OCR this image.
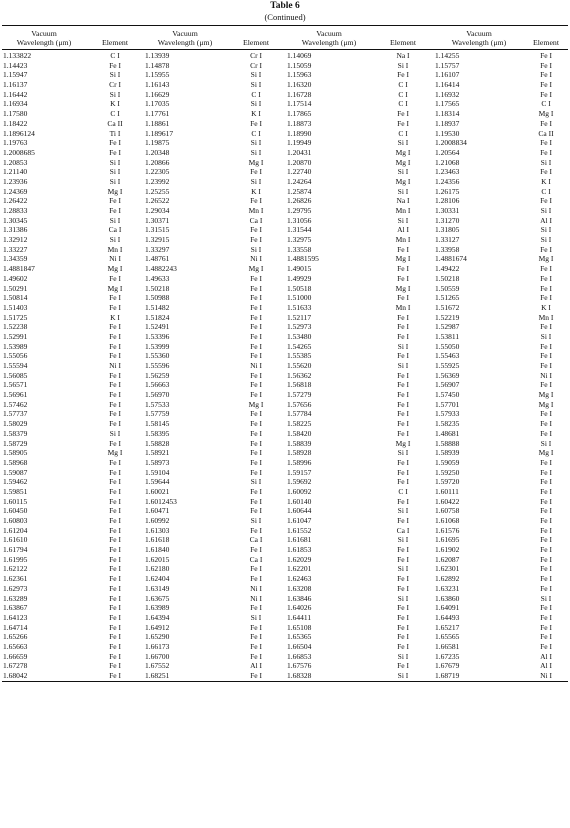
Table 6
(Continued)
Vacuum
Wavelength (μm)	Element	Vacuum
Wavelength (μm)	Element	Vacuum
Wavelength (μm)	Element	Vacuum
Wavelength (μm)	Element
1.133822	C I	1.13939	Cr I	1.14069	Na I	1.14255	Fe I
1.14423	Fe I	1.14878	Cr I	1.15059	Si I	1.15757	Fe I
1.15947	Si I	1.15955	Si I	1.15963	Fe I	1.16107	Fe I
1.16137	Cr I	1.16143	Si I	1.16320	C I	1.16414	Fe I
1.16442	Si I	1.16629	C I	1.16728	C I	1.16932	Fe I
1.16934	K I	1.17035	Si I	1.17514	C I	1.17565	C I
1.17580	C I	1.17761	K I	1.17865	Fe I	1.18314	Mg I
1.18422	Ca II	1.18861	Fe I	1.18873	Fe I	1.18937	Fe I
1.1896124	Ti I	1.189617	C I	1.18990	C I	1.19530	Ca II
1.19763	Fe I	1.19875	Si I	1.19949	Si I	1.2008834	Fe I
1.2008685	Fe I	1.20348	Si I	1.20431	Mg I	1.20564	Fe I
1.20853	Si I	1.20866	Mg I	1.20870	Mg I	1.21068	Si I
1.21140	Si I	1.22305	Fe I	1.22740	Si I	1.23463	Fe I
1.23936	Si I	1.23992	Si I	1.24264	Mg I	1.24356	K I
1.24369	Mg I	1.25255	K I	1.25874	Si I	1.26175	C I
1.26422	Fe I	1.26522	Fe I	1.26826	Na I	1.28106	Fe I
1.28833	Fe I	1.29034	Mn I	1.29795	Mn I	1.30331	Si I
1.30345	Si I	1.30371	Ca I	1.31056	Si I	1.31270	Al I
1.31386	Ca I	1.31515	Fe I	1.31544	Al I	1.31805	Si I
1.32912	Si I	1.32915	Fe I	1.32975	Mn I	1.33127	Si I
1.33227	Mn I	1.33297	Si I	1.33558	Fe I	1.33958	Fe I
1.34359	Ni I	1.48761	Ni I	1.4881595	Mg I	1.4881674	Mg I
1.4881847	Mg I	1.4882243	Mg I	1.49015	Fe I	1.49422	Fe I
1.49602	Fe I	1.49633	Fe I	1.49929	Fe I	1.50218	Fe I
1.50291	Mg I	1.50218	Fe I	1.50518	Mg I	1.50559	Fe I
1.50814	Fe I	1.50988	Fe I	1.51000	Fe I	1.51265	Fe I
1.51403	Fe I	1.51482	Fe I	1.51633	Mn I	1.51672	K I
1.51725	K I	1.51824	Fe I	1.52117	Fe I	1.52219	Mn I
1.52238	Fe I	1.52491	Fe I	1.52973	Fe I	1.52987	Fe I
1.52991	Fe I	1.53396	Fe I	1.53480	Fe I	1.53811	Si I
1.53989	Fe I	1.53999	Fe I	1.54265	Si I	1.55050	Fe I
1.55056	Fe I	1.55360	Fe I	1.55385	Fe I	1.55463	Fe I
1.55594	Ni I	1.55596	Ni I	1.55620	Si I	1.55925	Fe I
1.56085	Fe I	1.56259	Fe I	1.56362	Fe I	1.56369	Ni I
1.56571	Fe I	1.56663	Fe I	1.56818	Fe I	1.56907	Fe I
1.56961	Fe I	1.56970	Fe I	1.57279	Fe I	1.57450	Mg I
1.57462	Fe I	1.57533	Mg I	1.57656	Fe I	1.57701	Mg I
1.57737	Fe I	1.57759	Fe I	1.57784	Fe I	1.57933	Fe I
1.58029	Fe I	1.58145	Fe I	1.58225	Fe I	1.58235	Fe I
1.58379	Si I	1.58395	Fe I	1.58420	Fe I	1.48681	Fe I
1.58729	Fe I	1.58828	Fe I	1.58839	Mg I	1.58888	Si I
1.58905	Mg I	1.58921	Fe I	1.58928	Si I	1.58939	Mg I
1.58968	Fe I	1.58973	Fe I	1.58996	Fe I	1.59059	Fe I
1.59087	Fe I	1.59104	Fe I	1.59157	Fe I	1.59250	Fe I
1.59462	Fe I	1.59644	Si I	1.59692	Fe I	1.59720	Fe I
1.59851	Fe I	1.60021	Fe I	1.60092	C I	1.60111	Fe I
1.60115	Fe I	1.6012453	Fe I	1.60140	Fe I	1.60422	Fe I
1.60450	Fe I	1.60471	Fe I	1.60644	Si I	1.60758	Fe I
1.60803	Fe I	1.60992	Si I	1.61047	Fe I	1.61068	Fe I
1.61204	Fe I	1.61303	Fe I	1.61552	Ca I	1.61576	Fe I
1.61610	Fe I	1.61618	Ca I	1.61681	Si I	1.61695	Fe I
1.61794	Fe I	1.61840	Fe I	1.61853	Fe I	1.61902	Fe I
1.61995	Fe I	1.62015	Ca I	1.62029	Fe I	1.62087	Fe I
1.62122	Fe I	1.62180	Fe I	1.62201	Si I	1.62301	Fe I
1.62361	Fe I	1.62404	Fe I	1.62463	Fe I	1.62892	Fe I
1.62973	Fe I	1.63149	Ni I	1.63208	Fe I	1.63231	Fe I
1.63289	Fe I	1.63675	Ni I	1.63846	Si I	1.63860	Si I
1.63867	Fe I	1.63989	Fe I	1.64026	Fe I	1.64091	Fe I
1.64123	Fe I	1.64394	Si I	1.64411	Fe I	1.64493	Fe I
1.64714	Fe I	1.64912	Fe I	1.65108	Fe I	1.65217	Fe I
1.65266	Fe I	1.65290	Fe I	1.65365	Fe I	1.65565	Fe I
1.65663	Fe I	1.66173	Fe I	1.66504	Fe I	1.66581	Fe I
1.66659	Fe I	1.66700	Fe I	1.66853	Si I	1.67235	Al I
1.67278	Fe I	1.67552	Al I	1.67576	Fe I	1.67679	Al I
1.68042	Fe I	1.68251	Fe I	1.68328	Si I	1.68719	Ni I
